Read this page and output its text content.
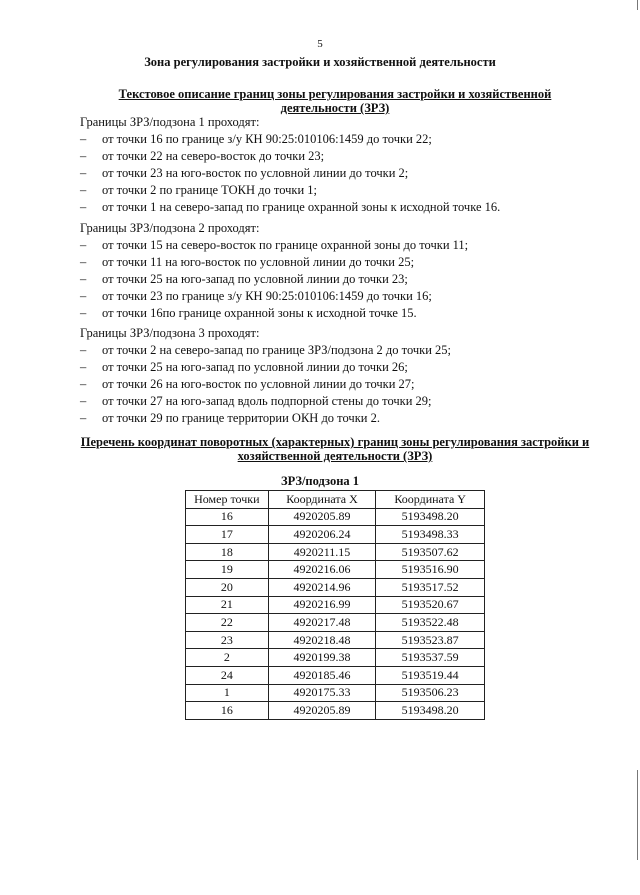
5
Зона регулирования застройки и хозяйственной деятельности
Текстовое описание границ зоны регулирования застройки и хозяйственной деятельности (ЗРЗ)

Границы ЗРЗ/подзона 1 проходят:

– от точки 16 по границе з/у КН 90:25:010106:1459 до точки 22;
– от точки 22 на северо-восток до точки 23;
– от точки 23 на юго-восток по условной линии до точки 2;
– от точки 2 по границе ТОКН до точки 1;
– от точки 1 на северо-запад по границе охранной зоны к исходной точке 16.

Границы ЗРЗ/подзона 2 проходят:

– от точки 15 на северо-восток по границе охранной зоны до точки 11;
– от точки 11 на юго-восток по условной линии до точки 25;
– от точки 25 на юго-запад по условной линии до точки 23;
– от точки 23 по границе з/у КН 90:25:010106:1459 до точки 16;
– от точки 16по границе охранной зоны к исходной точке 15.

Границы ЗРЗ/подзона 3 проходят:

– от точки 2 на северо-запад по границе ЗРЗ/подзона 2 до точки 25;
– от точки 25 на юго-запад по условной линии до точки 26;
– от точки 26 на юго-восток по условной линии до точки 27;
– от точки 27 на юго-запад вдоль подпорной стены до точки 29;
– от точки 29 по границе территории ОКН до точки 2.
Перечень координат поворотных (характерных) границ зоны регулирования застройки и хозяйственной деятельности (ЗРЗ)
ЗРЗ/подзона 1
Номер точки	Координата X	Координата Y
16	4920205.89	5193498.20
17	4920206.24	5193498.33
18	4920211.15	5193507.62
19	4920216.06	5193516.90
20	4920214.96	5193517.52
21	4920216.99	5193520.67
22	4920217.48	5193522.48
23	4920218.48	5193523.87
2	4920199.38	5193537.59
24	4920185.46	5193519.44
1	4920175.33	5193506.23
16	4920205.89	5193498.20
